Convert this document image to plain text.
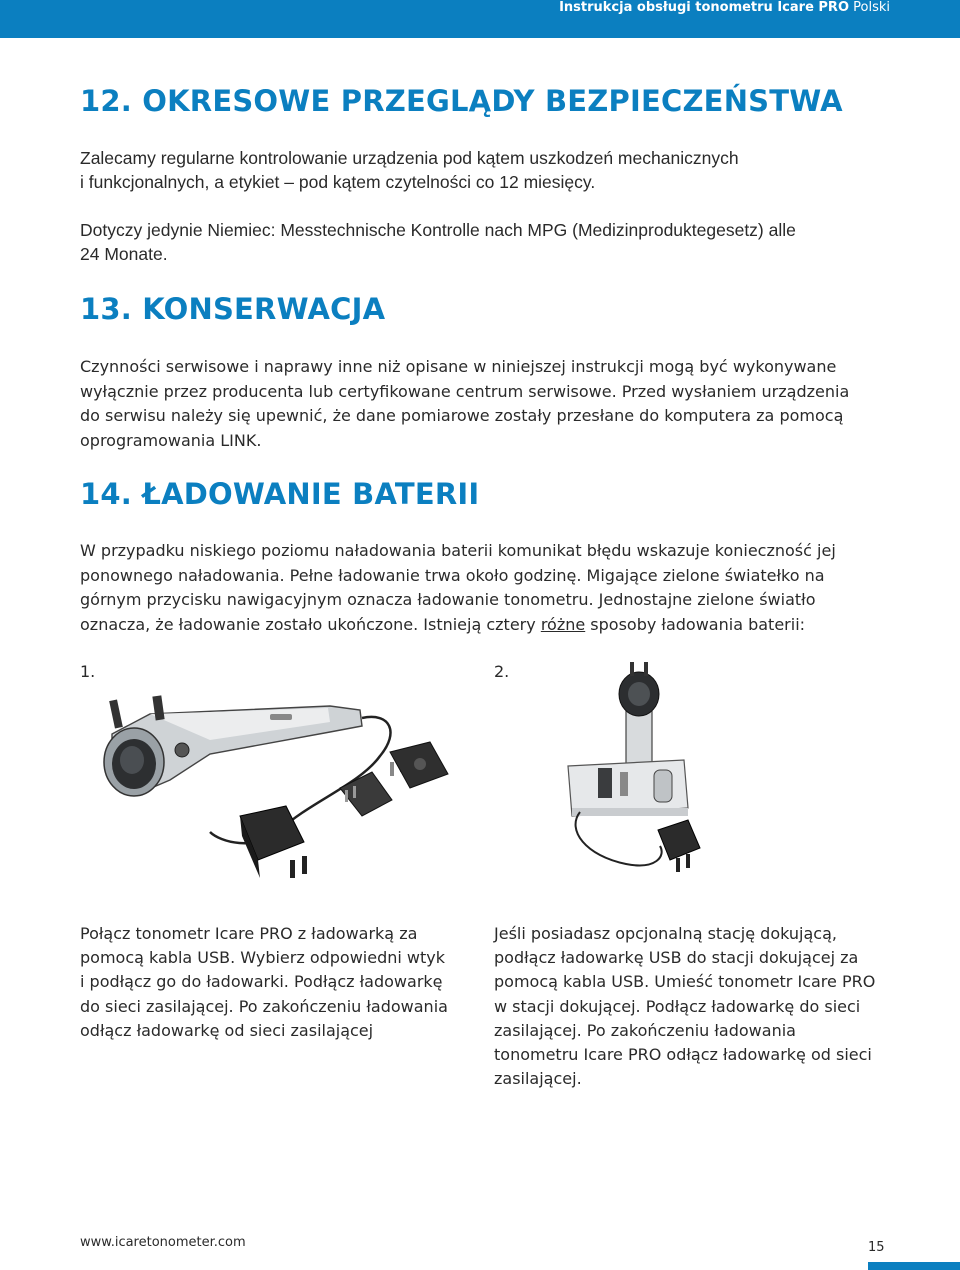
Instrukcja obsługi tonometru Icare PRO Polski
12. OKRESOWE PRZEGLĄDY BEZPIECZEŃSTWA
Zalecamy regularne kontrolowanie urządzenia pod kątem uszkodzeń mechanicznych
i funkcjonalnych, a etykiet – pod kątem czytelności co 12 miesięcy.
Dotyczy jedynie Niemiec: Messtechnische Kontrolle nach MPG (Medizinproduktegesetz) alle
24 Monate.
13. KONSERWACJA
Czynności serwisowe i naprawy inne niż opisane w niniejszej instrukcji mogą być wykonywane
wyłącznie przez producenta lub certyfikowane centrum serwisowe. Przed wysłaniem urządzenia
do serwisu należy się upewnić, że dane pomiarowe zostały przesłane do komputera za pomocą
oprogramowania LINK.
14. ŁADOWANIE BATERII
W przypadku niskiego poziomu naładowania baterii komunikat błędu wskazuje konieczność jej
ponownego naładowania. Pełne ładowanie trwa około godzinę. Migające zielone światełko na
górnym przycisku nawigacyjnym oznacza ładowanie tonometru. Jednostajne zielone światło
oznacza, że ładowanie zostało ukończone. Istnieją cztery różne sposoby ładowania baterii:
1.	2.
Połącz tonometr Icare PRO z ładowarką za
pomocą kabla USB. Wybierz odpowiedni wtyk
i podłącz go do ładowarki. Podłącz ładowarkę
do sieci zasilającej. Po zakończeniu ładowania
odłącz ładowarkę od sieci zasilającej
Jeśli posiadasz opcjonalną stację dokującą,
podłącz ładowarkę USB do stacji dokującej za
pomocą kabla USB. Umieść tonometr Icare PRO
w stacji dokującej. Podłącz ładowarkę do sieci
zasilającej. Po zakończeniu ładowania
tonometru Icare PRO odłącz ładowarkę od sieci
zasilającej.
www.icaretonometer.com	15
